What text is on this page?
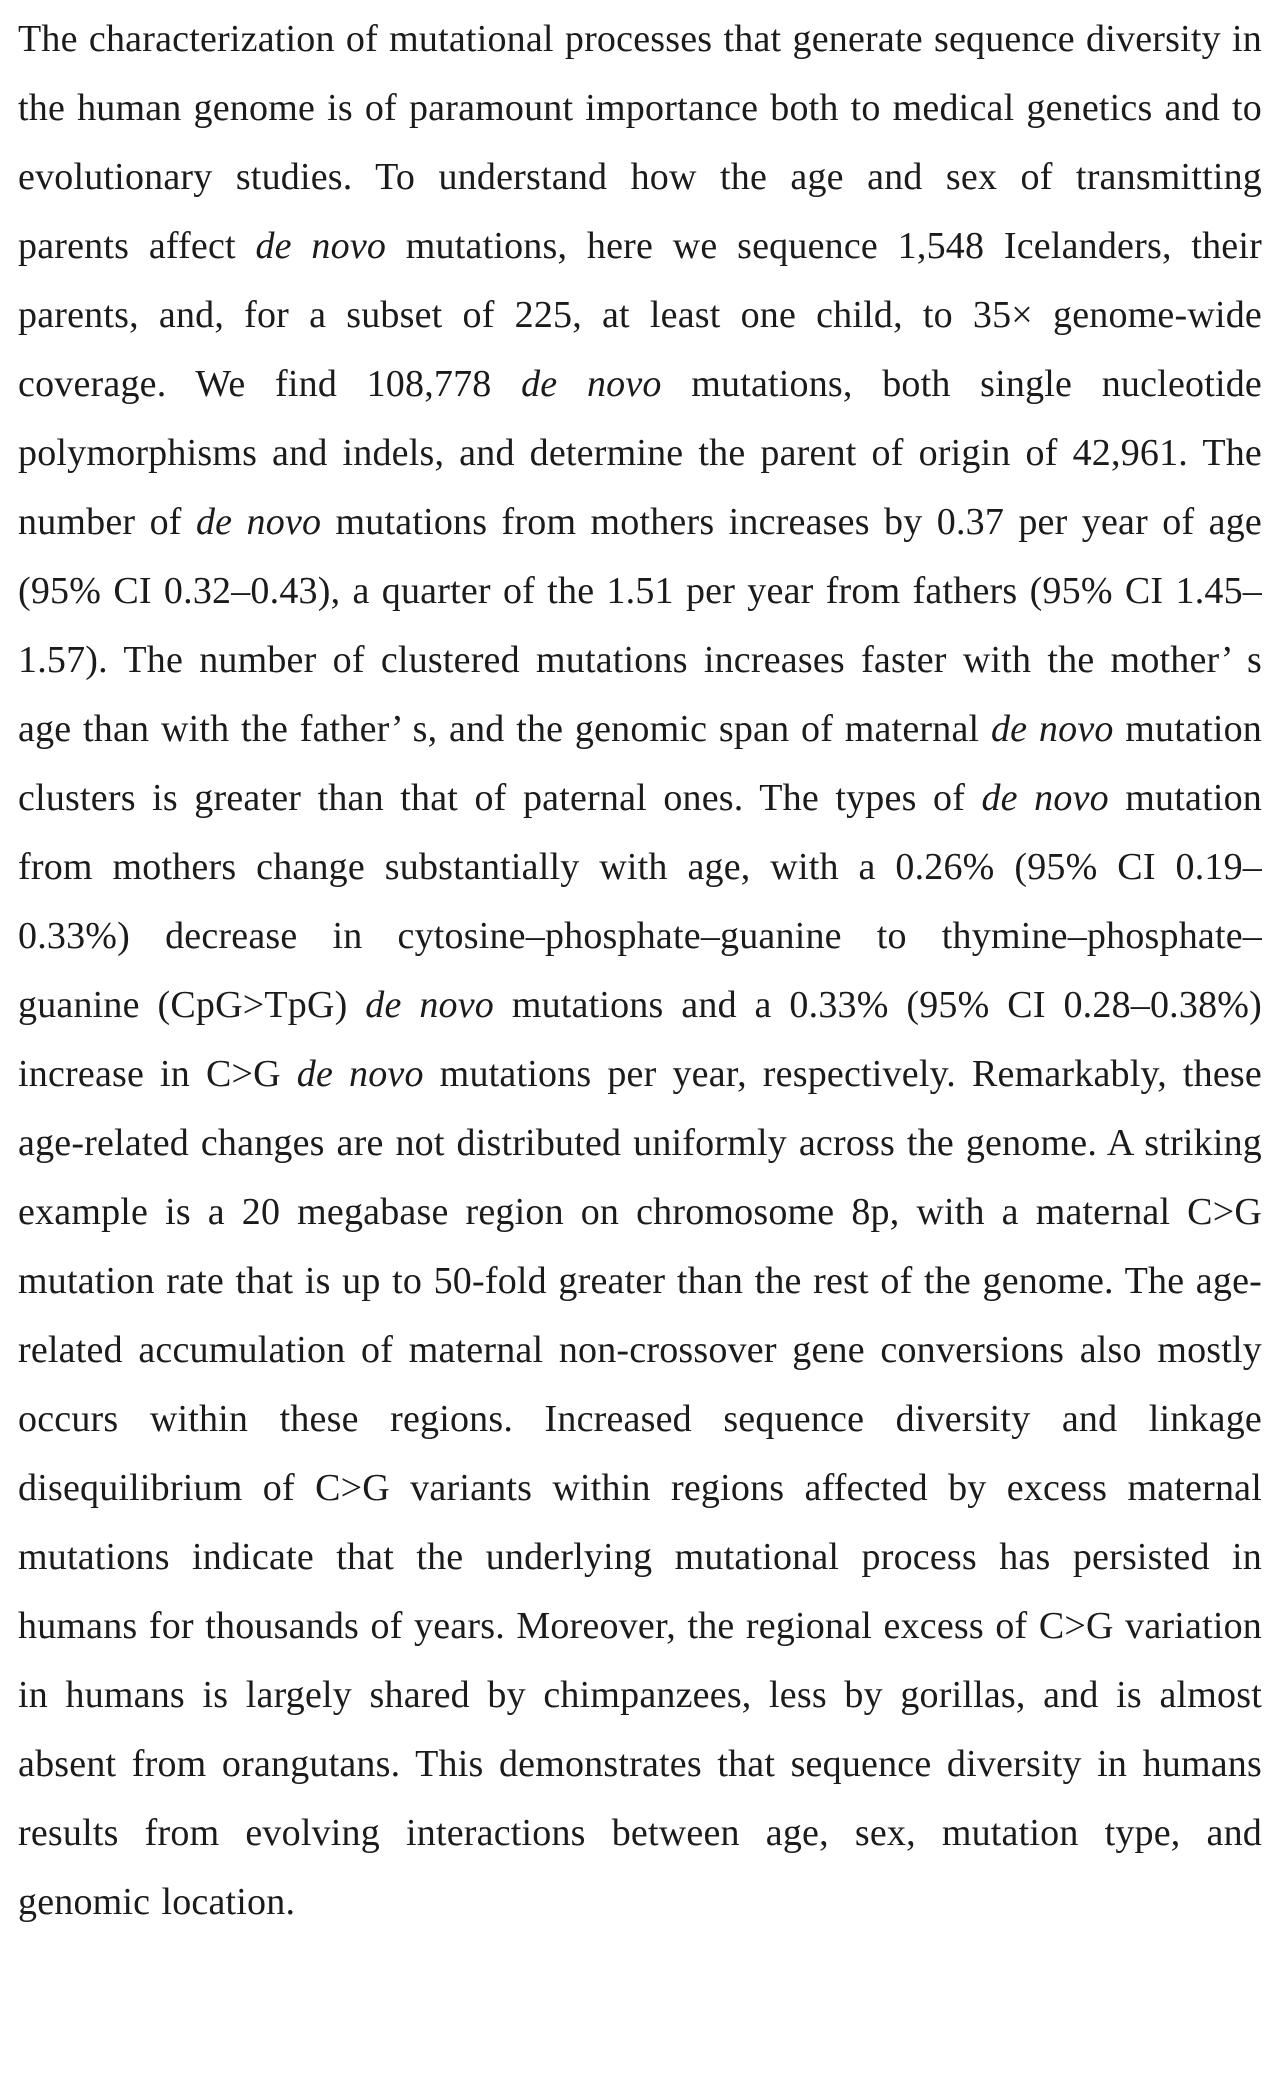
The characterization of mutational processes that generate sequence diversity in the human genome is of paramount importance both to medical genetics and to evolutionary studies. To understand how the age and sex of transmitting parents affect de novo mutations, here we sequence 1,548 Icelanders, their parents, and, for a subset of 225, at least one child, to 35× genome-wide coverage. We find 108,778 de novo mutations, both single nucleotide polymorphisms and indels, and determine the parent of origin of 42,961. The number of de novo mutations from mothers increases by 0.37 per year of age (95% CI 0.32–0.43), a quarter of the 1.51 per year from fathers (95% CI 1.45–1.57). The number of clustered mutations increases faster with the mother’ s age than with the father’ s, and the genomic span of maternal de novo mutation clusters is greater than that of paternal ones. The types of de novo mutation from mothers change substantially with age, with a 0.26% (95% CI 0.19–0.33%) decrease in cytosine–phosphate–guanine to thymine–phosphate–guanine (CpG>TpG) de novo mutations and a 0.33% (95% CI 0.28–0.38%) increase in C>G de novo mutations per year, respectively. Remarkably, these age-related changes are not distributed uniformly across the genome. A striking example is a 20 megabase region on chromosome 8p, with a maternal C>G mutation rate that is up to 50-fold greater than the rest of the genome. The age-related accumulation of maternal non-crossover gene conversions also mostly occurs within these regions. Increased sequence diversity and linkage disequilibrium of C>G variants within regions affected by excess maternal mutations indicate that the underlying mutational process has persisted in humans for thousands of years. Moreover, the regional excess of C>G variation in humans is largely shared by chimpanzees, less by gorillas, and is almost absent from orangutans. This demonstrates that sequence diversity in humans results from evolving interactions between age, sex, mutation type, and genomic location.
